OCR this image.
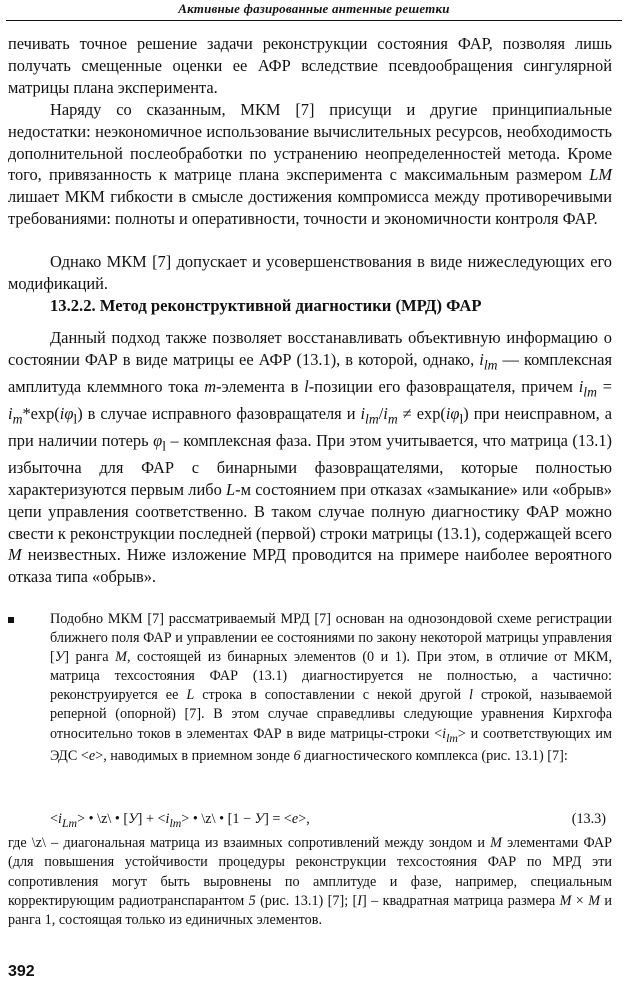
Активные фазированные антенные решетки

печивать точное решение задачи реконструкции состояния ФАР, позволяя лишь получать смещенные оценки ее АФР вследствие псевдообращения сингулярной матрицы плана эксперимента.

Наряду со сказанным, МКМ [7] присущи и другие принципиальные недостатки: неэкономичное использование вычислительных ресурсов, необходимость дополнительной послеобработки по устранению неопределенностей метода. Кроме того, привязанность к матрице плана эксперимента с максимальным размером LM лишает МКМ гибкости в смысле достижения компромисса между противоречивыми требованиями: полноты и оперативности, точности и экономичности контроля ФАР.

Однако МКМ [7] допускает и усовершенствования в виде нижеследующих его модификаций.

13.2.2. Метод реконструктивной диагностики (МРД) ФАР

Данный подход также позволяет восстанавливать объективную информацию о состоянии ФАР в виде матрицы ее АФР (13.1), в которой, однако, $i_{lm}$ — комплексная амплитуда клеммного тока m-элемента в l-позиции его фазовращателя, причем $i_{lm} = i_m*\exp(i\varphi_l)$ в случае исправного фазовращателя и $i_{lm}/i_m \ne \exp(i\varphi_l)$ при неисправном, а при наличии потерь $\varphi_l$ – комплексная фаза. При этом учитывается, что матрица (13.1) избыточна для ФАР с бинарными фазовращателями, которые полностью характеризуются первым либо L-м состоянием при отказах «замыкание» или «обрыв» цепи управления соответственно. В таком случае полную диагностику ФАР можно свести к реконструкции последней (первой) строки матрицы (13.1), содержащей всего M неизвестных. Ниже изложение МРД проводится на примере наиболее вероятного отказа типа «обрыв».

Подобно МКМ [7] рассматриваемый МРД [7] основан на однозондовой схеме регистрации ближнего поля ФАР и управлении ее состояниями по закону некоторой матрицы управления [У] ранга M, состоящей из бинарных элементов (0 и 1). При этом, в отличие от МКМ, матрица техсостояния ФАР (13.1) диагностируется не полностью, а частично: реконструируется ее L строка в сопоставлении с некой другой l строкой, называемой реперной (опорной) [7]. В этом случае справедливы следующие уравнения Кирхгофа относительно токов в элементах ФАР в виде матрицы-строки $<i_{lm}> и$ соответствующих им ЭДС <e>, наводимых в приемном зонде 6 диагностического комплекса (рис. 13.1) [7]:

$<i_{Lm}>$ • \z\ • $[У] + <i_{lm}>$ • \z\ • [1 − У] = <e>,	(13.3)

где \z\ – диагональная матрица из взаимных сопротивлений между зондом и M элементами ФАР (для повышения устойчивости процедуры реконструкции техсостояния ФАР по МРД эти сопротивления могут быть выровнены по амплитуде и фазе, например, специальным корректирующим радиотранспарантом 5 (рис. 13.1) [7]; [I] – квадратная матрица размера M × M и ранга 1, состоящая только из единичных элементов.

392
